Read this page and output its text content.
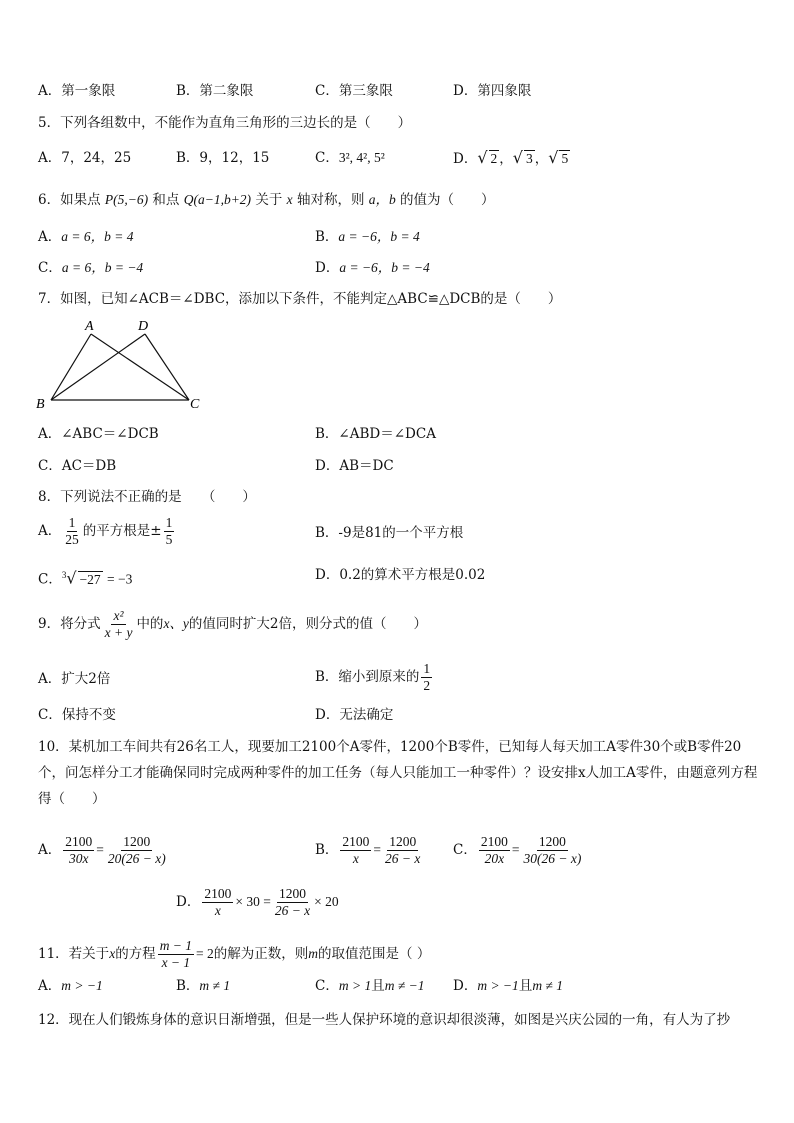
A．第一象限	B．第二象限	C．第三象限	D．第四象限
5．下列各组数中，不能作为直角三角形的三边长的是（　　）
A．7，24，25	B．9，12，15	C．3², 4², 5²	D．√ 2 ，√ 3 ，√ 5
6．如果点 P(5,−6) 和点 Q(a−1,b+2) 关于 x 轴对称，则 a，b 的值为（　　）
A．a = 6，b = 4	B．a = −6，b = 4
C．a = 6，b = −4	D．a = −6，b = −4
7．如图，已知∠ACB＝∠DBC，添加以下条件，不能判定△ABC≌△DCB的是（　　）
A	D
B	C
A．∠ABC＝∠DCB	B．∠ABD＝∠DCA
C．AC＝DB	D．AB＝DC
8．下列说法不正确的是　　（　　）
A． $\frac{1}{25}$ 的平方根是± $\frac{1}{5}$	B．-9是81的一个平方根
C．$^3$√ −27 = −3	D．0.2的算术平方根是0.02
9．将分式 $\frac{\text{x²}}{x + y}$ 中的x、y的值同时扩大2倍，则分式的值（　　）
A．扩大2倍	B．缩小到原来的 $\frac{1}{2}$
C．保持不变	D．无法确定
10．某机加工车间共有26名工人，现要加工2100个A零件，1200个B零件，已知每人每天加工A零件30个或B零件20个，问怎样分工才能确保同时完成两种零件的加工任务（每人只能加工一种零件）？设安排x人加工A零件，由题意列方程得（　　）
A． $\frac{2100}{30x} = \frac{1200}{20(26 - x)}$	B． $\frac{2100}{x} = \frac{1200}{26 - x}$ C． $\frac{2100}{20x} = \frac{1200}{30(26 - x)}$
D． $\frac{2100}{x} \times 30 = \frac{1200}{26 - x} \times 20$
11．若关于x的方程 $\frac{m - 1}{x - 1} = 2$的解为正数，则m的取值范围是（ ）
A．m > −1	B．m ≠ 1	C．m > 1且m ≠ −1 D．m > −1且m ≠ 1
12．现在人们锻炼身体的意识日渐增强，但是一些人保护环境的意识却很淡薄，如图是兴庆公园的一角，有人为了抄
